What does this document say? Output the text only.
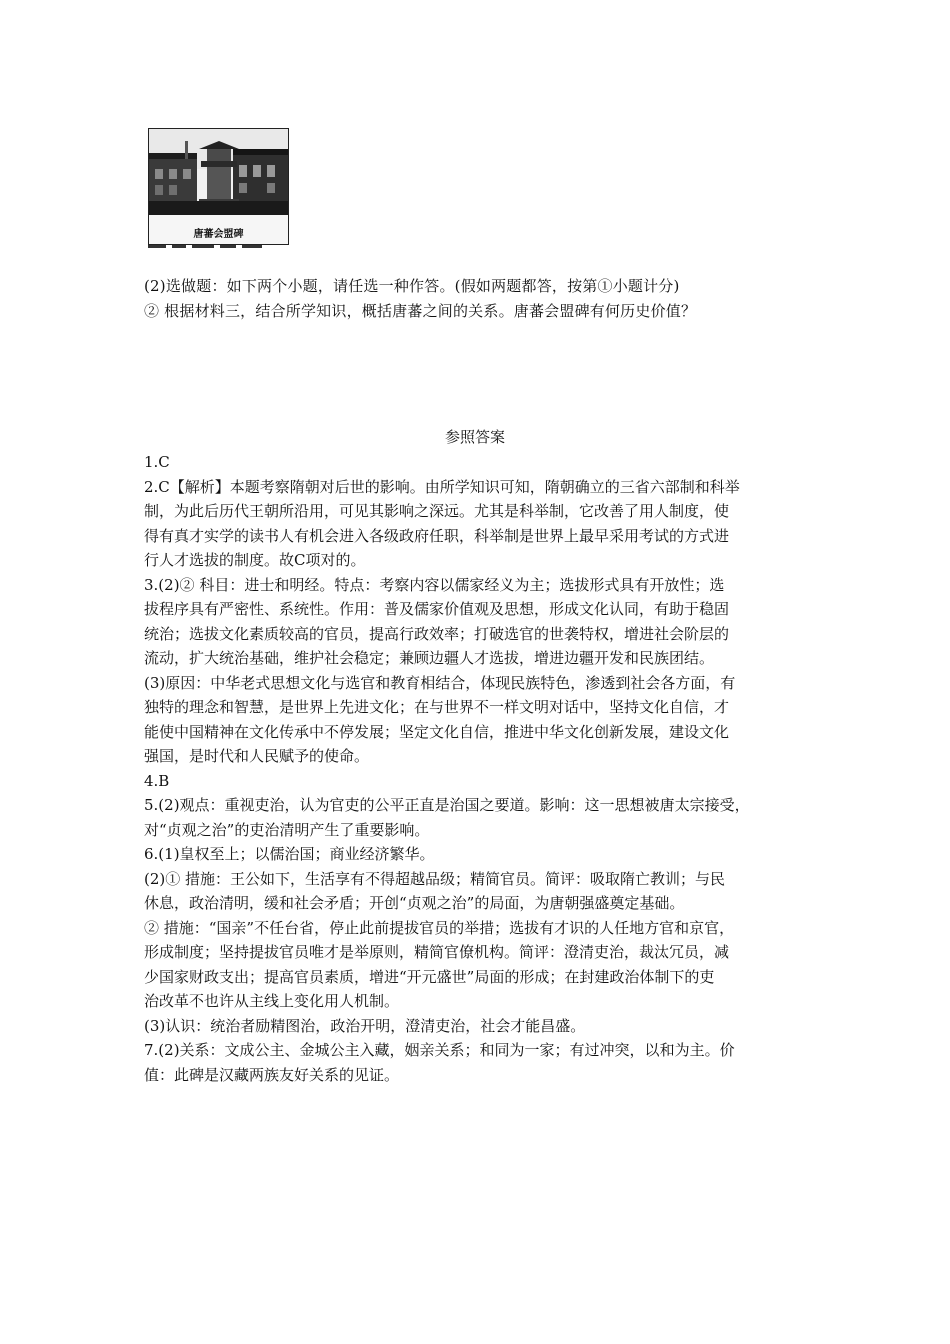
唐蕃会盟碑
(2)选做题：如下两个小题，请任选一种作答。(假如两题都答，按第①小题计分)
② 根据材料三，结合所学知识，概括唐蕃之间的关系。唐蕃会盟碑有何历史价值？
参照答案

1.C

2.C【解析】本题考察隋朝对后世的影响。由所学知识可知，隋朝确立的三省六部制和科举

制，为此后历代王朝所沿用，可见其影响之深远。尤其是科举制，它改善了用人制度，使

得有真才实学的读书人有机会进入各级政府任职，科举制是世界上最早采用考试的方式进

行人才选拔的制度。故C项对的。

3.(2)② 科目：进士和明经。特点：考察内容以儒家经义为主；选拔形式具有开放性；选

拔程序具有严密性、系统性。作用：普及儒家价值观及思想，形成文化认同，有助于稳固

统治；选拔文化素质较高的官员，提高行政效率；打破选官的世袭特权，增进社会阶层的

流动，扩大统治基础，维护社会稳定；兼顾边疆人才选拔，增进边疆开发和民族团结。

(3)原因：中华老式思想文化与选官和教育相结合，体现民族特色，渗透到社会各方面，有

独特的理念和智慧，是世界上先进文化；在与世界不一样文明对话中，坚持文化自信，才

能使中国精神在文化传承中不停发展；坚定文化自信，推进中华文化创新发展，建设文化

强国，是时代和人民赋予的使命。

4.B

5.(2)观点：重视吏治，认为官吏的公平正直是治国之要道。影响：这一思想被唐太宗接受，

对“贞观之治”的吏治清明产生了重要影响。

6.(1)皇权至上；以儒治国；商业经济繁华。

(2)① 措施：王公如下，生活享有不得超越品级；精简官员。简评：吸取隋亡教训；与民

休息，政治清明，缓和社会矛盾；开创“贞观之治”的局面，为唐朝强盛奠定基础。

② 措施：“国亲”不任台省，停止此前提拔官员的举措；选拔有才识的人任地方官和京官，

形成制度；坚持提拔官员唯才是举原则，精简官僚机构。简评：澄清吏治，裁汰冗员，减

少国家财政支出；提高官员素质，增进“开元盛世”局面的形成；在封建政治体制下的吏

治改革不也许从主线上变化用人机制。

(3)认识：统治者励精图治，政治开明，澄清吏治，社会才能昌盛。

7.(2)关系：文成公主、金城公主入藏，姻亲关系；和同为一家；有过冲突，以和为主。价

值：此碑是汉藏两族友好关系的见证。
